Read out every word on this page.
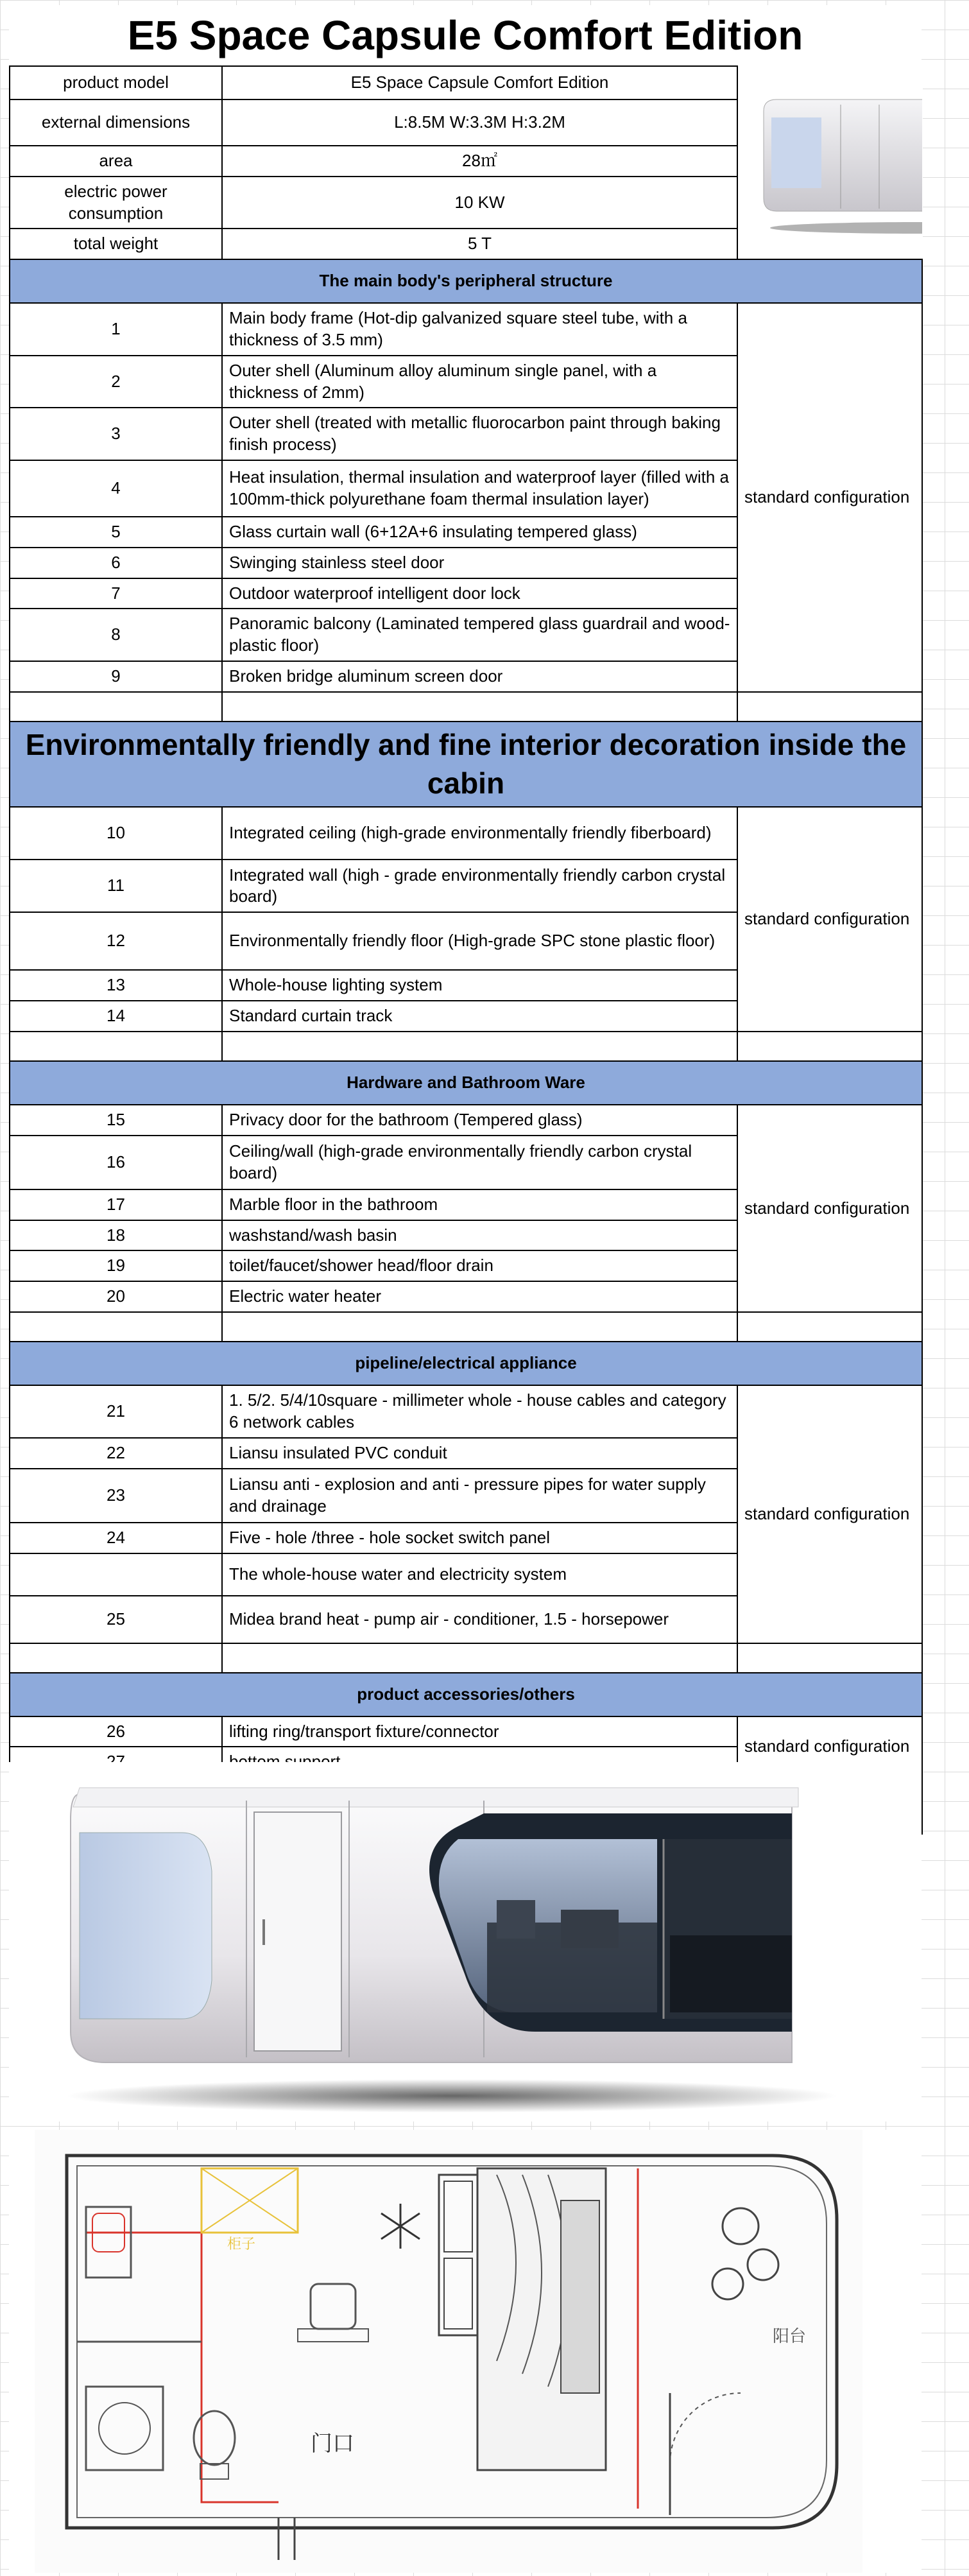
E5 Space Capsule Comfort Edition
product model	E5 Space Capsule Comfort Edition	

external dimensions	L:8.5M W:3.3M H:3.2M	
area	28㎡	
electric power consumption	10 KW	
total weight	5 T	
The main body's peripheral structure		
1	Main body frame (Hot-dip galvanized square steel tube, with a thickness of 3.5 mm)	standard configuration
2	Outer shell (Aluminum alloy aluminum single panel, with a thickness of 2mm)	
3	Outer shell (treated with metallic fluorocarbon paint through baking finish process)	
4	Heat insulation, thermal insulation and waterproof layer (filled with a 100mm-thick polyurethane foam thermal insulation layer)	
5	Glass curtain wall (6+12A+6 insulating tempered glass)	
6	Swinging stainless steel door	
7	Outdoor waterproof intelligent door lock	
8	Panoramic balcony (Laminated tempered glass guardrail and wood-plastic floor)	
9	Broken bridge aluminum screen door	

Environmentally friendly and fine interior decoration inside the cabin		
10	Integrated ceiling (high-grade environmentally friendly fiberboard)	standard configuration
11	Integrated wall (high - grade environmentally friendly carbon crystal board)	
12	Environmentally friendly floor (High-grade SPC stone plastic floor)	
13	Whole-house lighting system	
14	Standard curtain track	

Hardware and Bathroom Ware		
15	Privacy door for the bathroom (Tempered glass)	standard configuration
16	Ceiling/wall (high-grade environmentally friendly carbon crystal board)	
17	Marble floor in the bathroom	
18	washstand/wash basin	
19	toilet/faucet/shower head/floor drain	
20	Electric water heater	

pipeline/electrical appliance		
21	1. 5/2. 5/4/10square - millimeter whole - house cables and category 6 network cables	standard configuration
22	Liansu insulated PVC conduit	
23	Liansu anti - explosion and anti - pressure pipes for water supply and drainage	
24	Five - hole /three - hole socket switch panel	
	The whole-house water and electricity system	
25	Midea brand heat - pump air - conditioner, 1.5 - horsepower	

product accessories/others		
26	lifting ring/transport fixture/connector	standard configuration

柜子
门口
阳台
